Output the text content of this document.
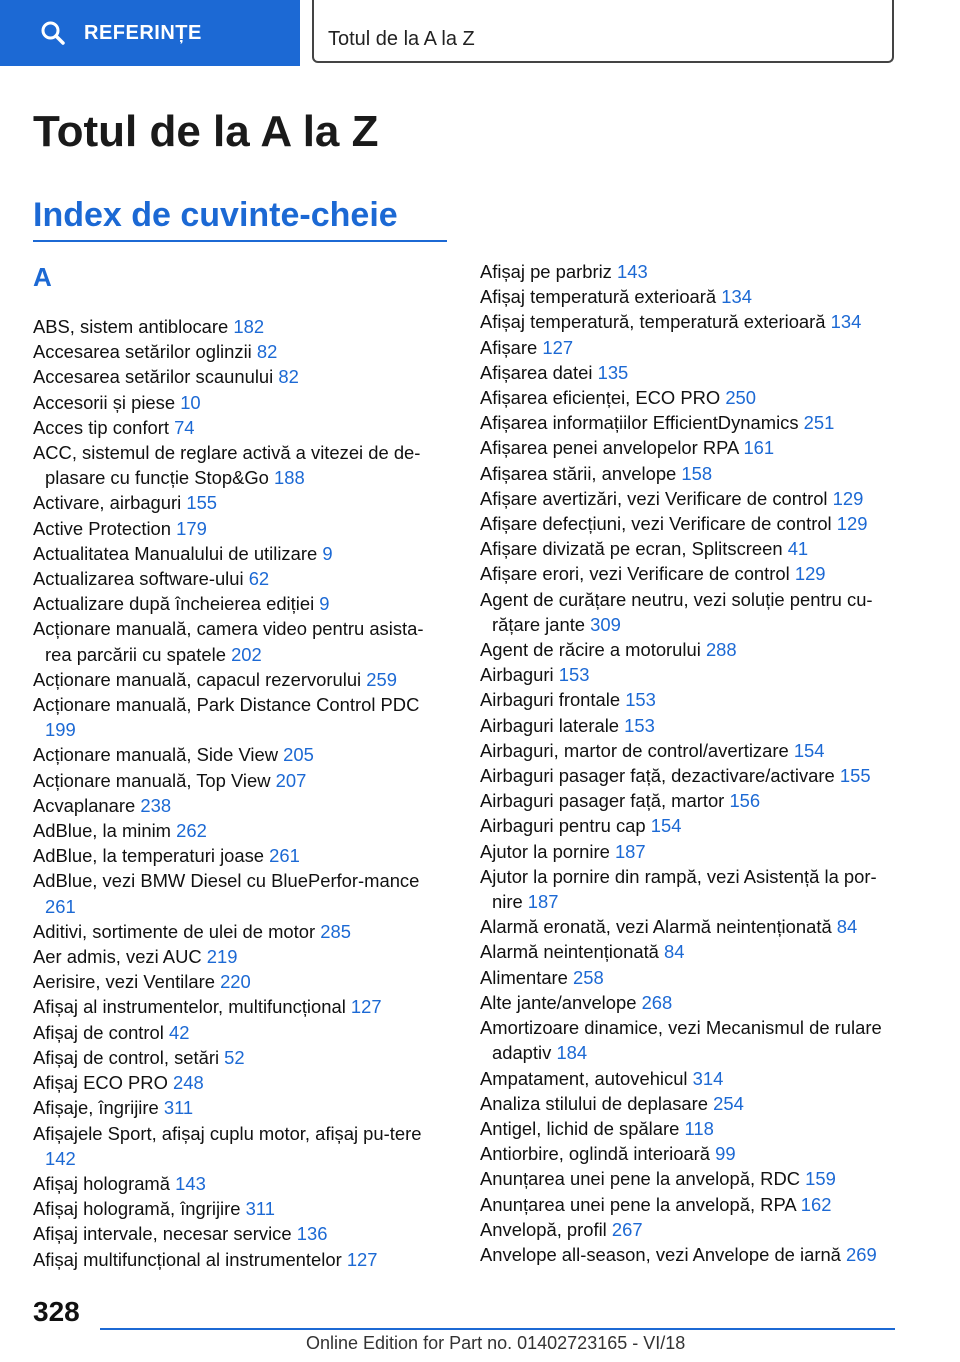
REFERINȚE	Totul de la A la Z
Totul de la A la Z
Index de cuvinte-cheie
A
ABS, sistem antiblocare 182
Accesarea setărilor oglinzii 82
Accesarea setărilor scaunului 82
Accesorii și piese 10
Acces tip confort 74
ACC, sistemul de reglare activă a vitezei de de‐plasare cu funcție Stop&Go 188
Activare, airbaguri 155
Active Protection 179
Actualitatea Manualului de utilizare 9
Actualizarea software-ului 62
Actualizare după încheierea ediției 9
Acționare manuală, camera video pentru asista‐rea parcării cu spatele 202
Acționare manuală, capacul rezervorului 259
Acționare manuală, Park Distance Control PDC 199
Acționare manuală, Side View 205
Acționare manuală, Top View 207
Acvaplanare 238
AdBlue, la minim 262
AdBlue, la temperaturi joase 261
AdBlue, vezi BMW Diesel cu BluePerfor‐mance 261
Aditivi, sortimente de ulei de motor 285
Aer admis, vezi AUC 219
Aerisire, vezi Ventilare 220
Afișaj al instrumentelor, multifuncțional 127
Afișaj de control 42
Afișaj de control, setări 52
Afișaj ECO PRO 248
Afișaje, îngrijire 311
Afișajele Sport, afișaj cuplu motor, afișaj pu‐tere 142
Afișaj hologramă 143
Afișaj hologramă, îngrijire 311
Afișaj intervale, necesar service 136
Afișaj multifuncțional al instrumentelor 127
Afișaj pe parbriz 143
Afișaj temperatură exterioară 134
Afișaj temperatură, temperatură exterioară 134
Afișare 127
Afișarea datei 135
Afișarea eficienței, ECO PRO 250
Afișarea informațiilor EfficientDynamics 251
Afișarea penei anvelopelor RPA 161
Afișarea stării, anvelope 158
Afișare avertizări, vezi Verificare de control 129
Afișare defecțiuni, vezi Verificare de control 129
Afișare divizată pe ecran, Splitscreen 41
Afișare erori, vezi Verificare de control 129
Agent de curățare neutru, vezi soluție pentru cu‐rățare jante 309
Agent de răcire a motorului 288
Airbaguri 153
Airbaguri frontale 153
Airbaguri laterale 153
Airbaguri, martor de control/avertizare 154
Airbaguri pasager față, dezactivare/activare 155
Airbaguri pasager față, martor 156
Airbaguri pentru cap 154
Ajutor la pornire 187
Ajutor la pornire din rampă, vezi Asistență la por‐nire 187
Alarmă eronată, vezi Alarmă neintenționată 84
Alarmă neintenționată 84
Alimentare 258
Alte jante/anvelope 268
Amortizoare dinamice, vezi Mecanismul de rulare adaptiv 184
Ampatament, autovehicul 314
Analiza stilului de deplasare 254
Antigel, lichid de spălare 118
Antiorbire, oglindă interioară 99
Anunțarea unei pene la anvelopă, RDC 159
Anunțarea unei pene la anvelopă, RPA 162
Anvelopă, profil 267
Anvelope all-season, vezi Anvelope de iarnă 269
328
Online Edition for Part no. 01402723165 - VI/18
